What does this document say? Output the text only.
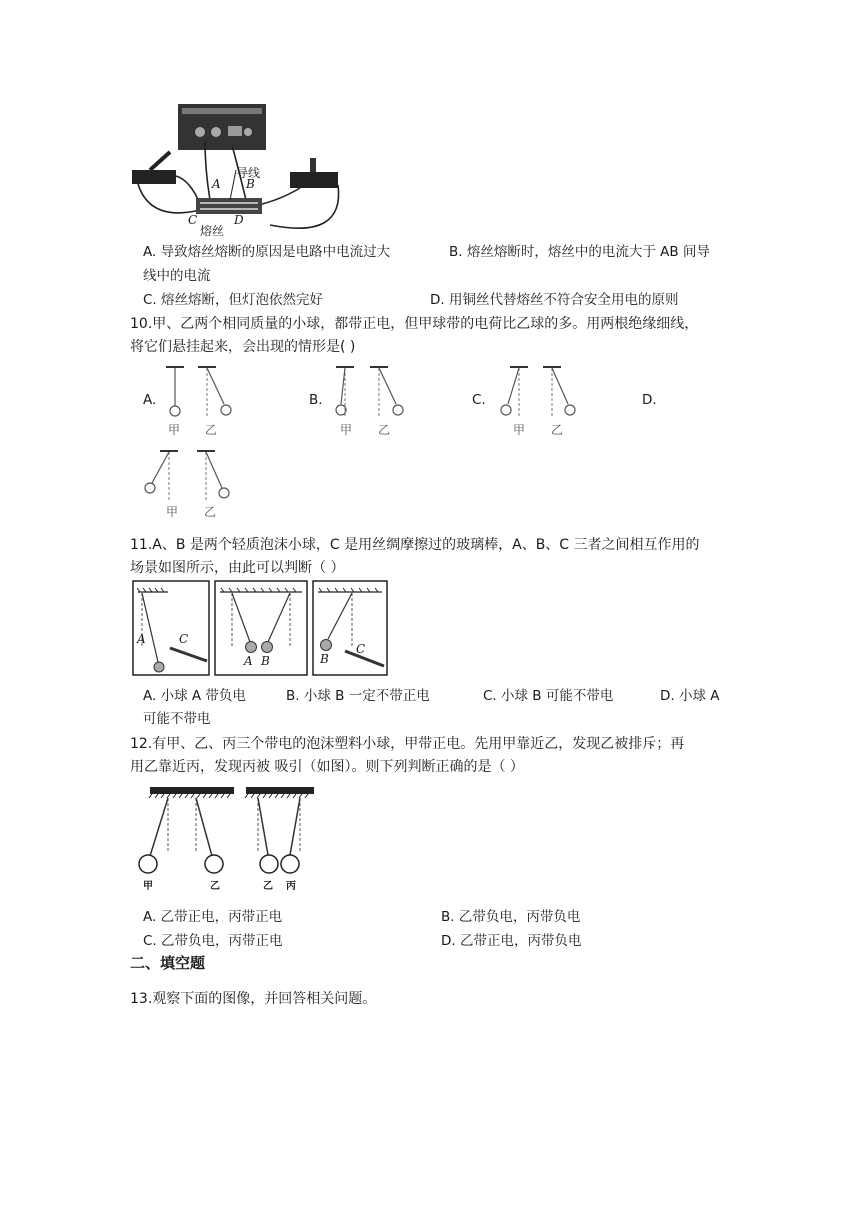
导线
A B
C	D
熔丝
A. 导致熔丝熔断的原因是电路中电流过大	B. 熔丝熔断时，熔丝中的电流大于 AB 间导
线中的电流
C. 熔丝熔断，但灯泡依然完好	D. 用铜丝代替熔丝不符合安全用电的原则
10.甲、乙两个相同质量的小球，都带正电，但甲球带的电荷比乙球的多。用两根绝缘细线，
将它们悬挂起来，会出现的情形是( )
A.	B.	C.	D.
甲 乙	甲 乙	甲 乙
甲 乙
11.A、B 是两个轻质泡沫小球，C 是用丝绸摩擦过的玻璃棒，A、B、C 三者之间相互作用的
场景如图所示，由此可以判断（ ）
A	C
A B	B
C
A. 小球 A 带负电	B. 小球 B 一定不带正电	C. 小球 B 可能不带电	D. 小球 A
可能不带电
12.有甲、乙、丙三个带电的泡沫塑料小球，甲带正电。先用甲靠近乙，发现乙被排斥；再
用乙靠近丙，发现丙被 吸引（如图）。则下列判断正确的是（ ）
甲	乙	乙 丙
A. 乙带正电，丙带正电	B. 乙带负电，丙带负电
C. 乙带负电，丙带正电	D. 乙带正电，丙带负电
二、填空题
13.观察下面的图像，并回答相关问题。
